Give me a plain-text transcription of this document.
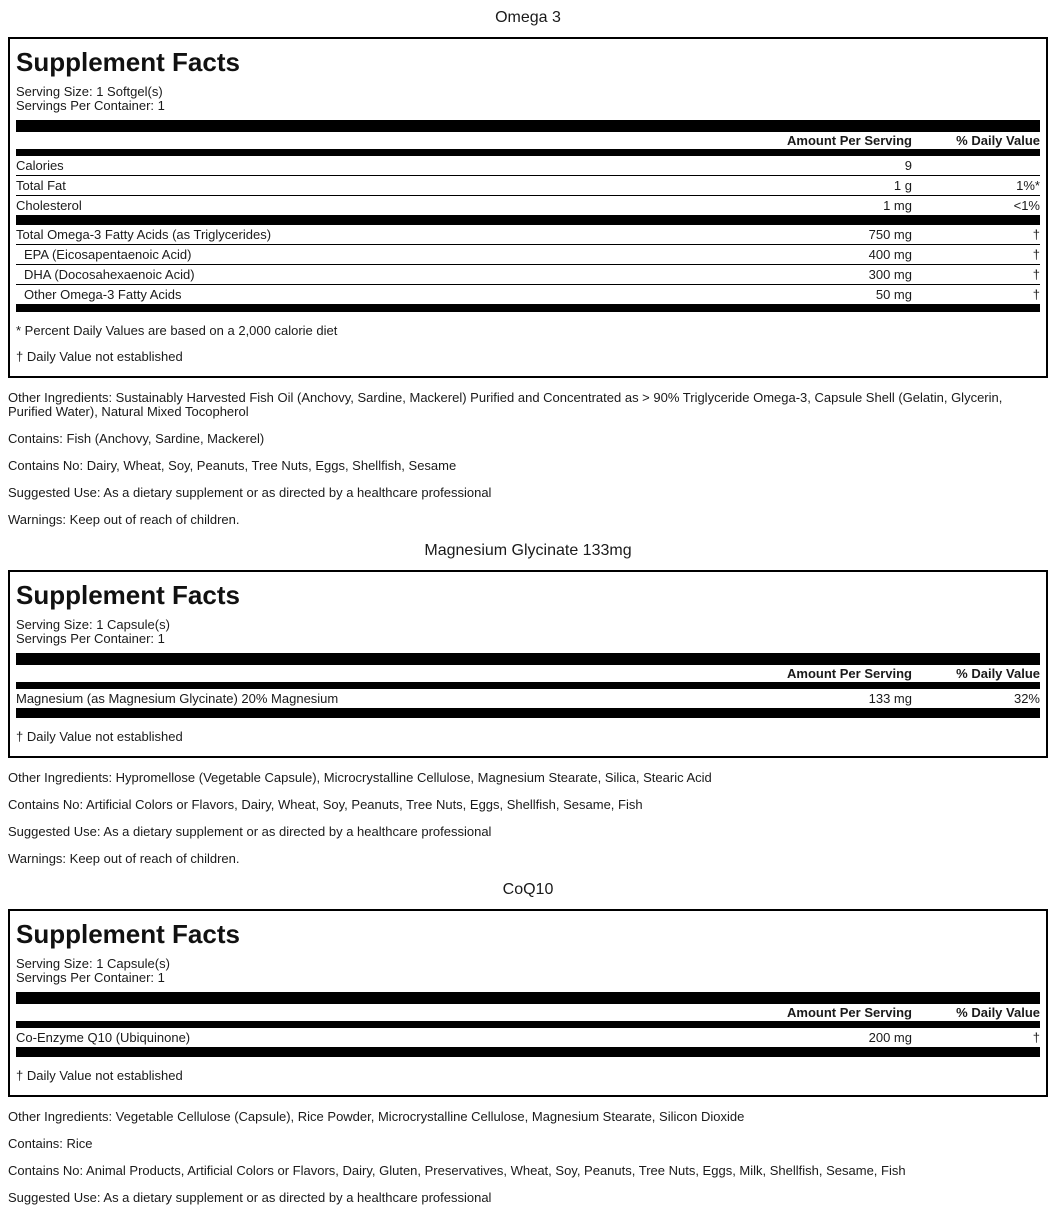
Omega 3
Supplement Facts
Serving Size: 1 Softgel(s)
Servings Per Container: 1
Amount Per Serving	% Daily Value
Calories	9
Total Fat	1 g	1%*
Cholesterol	1 mg	<1%
Total Omega-3 Fatty Acids (as Triglycerides)	750 mg	†
EPA (Eicosapentaenoic Acid)	400 mg	†
DHA (Docosahexaenoic Acid)	300 mg	†
Other Omega-3 Fatty Acids	50 mg	†
* Percent Daily Values are based on a 2,000 calorie diet
† Daily Value not established
Other Ingredients: Sustainably Harvested Fish Oil (Anchovy, Sardine, Mackerel) Purified and Concentrated as > 90% Triglyceride Omega-3, Capsule Shell (Gelatin, Glycerin, Purified Water), Natural Mixed Tocopherol
Contains: Fish (Anchovy, Sardine, Mackerel)
Contains No: Dairy, Wheat, Soy, Peanuts, Tree Nuts, Eggs, Shellfish, Sesame
Suggested Use: As a dietary supplement or as directed by a healthcare professional
Warnings: Keep out of reach of children.
Magnesium Glycinate 133mg
Supplement Facts
Serving Size: 1 Capsule(s)
Servings Per Container: 1
Amount Per Serving	% Daily Value
Magnesium (as Magnesium Glycinate) 20% Magnesium	133 mg	32%
† Daily Value not established
Other Ingredients: Hypromellose (Vegetable Capsule), Microcrystalline Cellulose, Magnesium Stearate, Silica, Stearic Acid
Contains No: Artificial Colors or Flavors, Dairy, Wheat, Soy, Peanuts, Tree Nuts, Eggs, Shellfish, Sesame, Fish
Suggested Use: As a dietary supplement or as directed by a healthcare professional
Warnings: Keep out of reach of children.
CoQ10
Supplement Facts
Serving Size: 1 Capsule(s)
Servings Per Container: 1
Amount Per Serving	% Daily Value
Co-Enzyme Q10 (Ubiquinone)	200 mg	†
† Daily Value not established
Other Ingredients: Vegetable Cellulose (Capsule), Rice Powder, Microcrystalline Cellulose, Magnesium Stearate, Silicon Dioxide
Contains: Rice
Contains No: Animal Products, Artificial Colors or Flavors, Dairy, Gluten, Preservatives, Wheat, Soy, Peanuts, Tree Nuts, Eggs, Milk, Shellfish, Sesame, Fish
Suggested Use: As a dietary supplement or as directed by a healthcare professional
